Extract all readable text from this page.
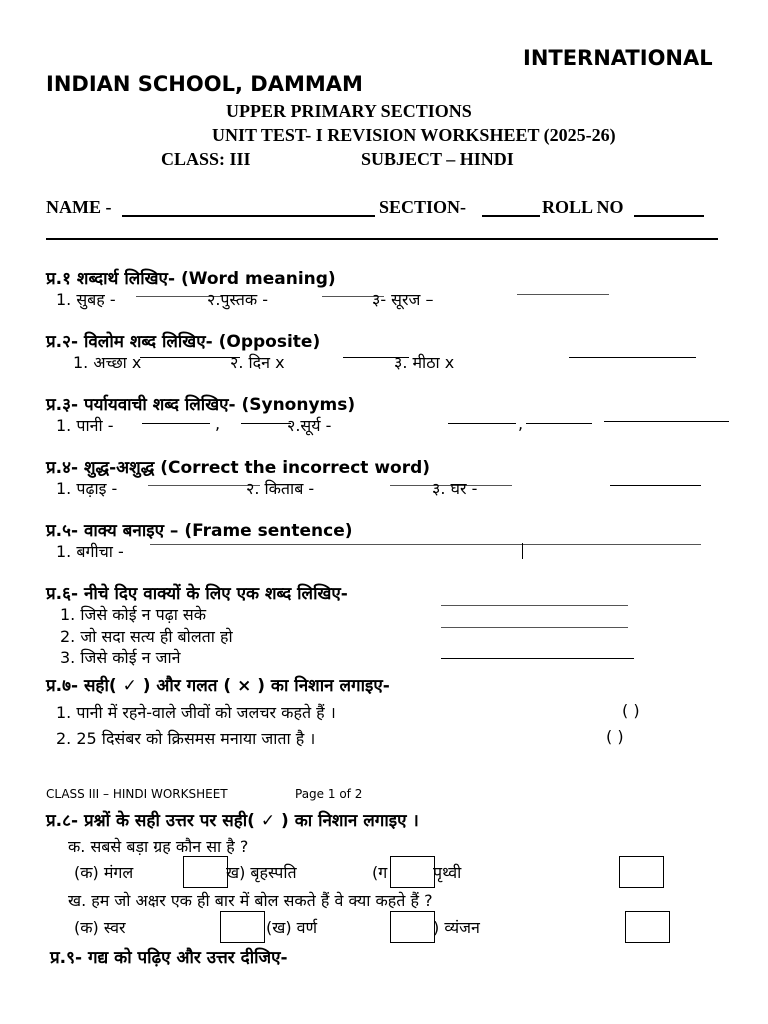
INTERNATIONAL
INDIAN SCHOOL, DAMMAM
UPPER PRIMARY SECTIONS
UNIT TEST- I REVISION WORKSHEET (2025-26)
CLASS: III	SUBJECT – HINDI
NAME -	SECTION-	ROLL NO
प्र.१ शब्दार्थ लिखिए- (Word meaning)
1. सुबह -	२.पुस्तक -	३- सूरज –
प्र.२- विलोम शब्द लिखिए- (Opposite)
1. अच्छा x	२. दिन x	३. मीठा x
प्र.३- पर्यायवाची शब्द लिखिए- (Synonyms)
1. पानी -	,	२.सूर्य -	,
प्र.४- शुद्ध-अशुद्ध (Correct the incorrect word)
1. पढ़ाइ -	२. किताब -	३. घर -
प्र.५- वाक्य बनाइए – (Frame sentence)
1. बगीचा -
प्र.६- नीचे दिए वाक्यों के लिए एक शब्द लिखिए-
1. जिसे कोई न पढ़ा सके
2. जो सदा सत्य ही बोलता हो
3. जिसे कोई न जाने
प्र.७- सही( ✓ ) और गलत ( × ) का निशान लगाइए-
1. पानी में रहने-वाले जीवों को जलचर कहते हैं ।	( )
2. 25 दिसंबर को क्रिसमस मनाया जाता है ।	( )
CLASS III – HINDI WORKSHEET	Page 1 of 2
प्र.८- प्रश्नों के सही उत्तर पर सही( ✓ ) का निशान लगाइए ।
क. सबसे बड़ा ग्रह कौन सा है ?
(क) मंगल	ख) बृहस्पति	(ग	पृथ्वी
ख. हम जो अक्षर एक ही बार में बोल सकते हैं वे क्या कहते हैं ?
(क) स्वर	(ख) वर्ण	) व्यंजन
प्र.९- गद्य को पढ़िए और उत्तर दीजिए-
